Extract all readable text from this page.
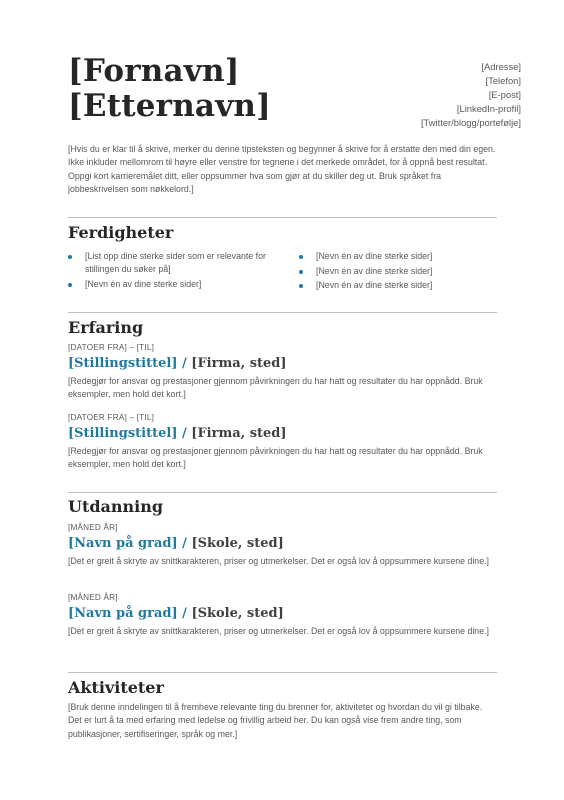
[Fornavn]
[Etternavn]
[Adresse]
[Telefon]
[E-post]
[LinkedIn-profil]
[Twitter/blogg/portefølje]
[Hvis du er klar til å skrive, merker du denne tipsteksten og begynner å skrive for å erstatte den med din egen. Ikke inkluder mellomrom til høyre eller venstre for tegnene i det merkede området, for å oppnå best resultat. Oppgi kort karrieremålet ditt, eller oppsummer hva som gjør at du skiller deg ut. Bruk språket fra jobbeskrivelsen som nøkkelord.]
Ferdigheter
[List opp dine sterke sider som er relevante for stillingen du søker på]
[Nevn én av dine sterke sider]
[Nevn én av dine sterke sider]
[Nevn én av dine sterke sider]
[Nevn én av dine sterke sider]
Erfaring
[DATOER FRA] – [TIL]
[Stillingstittel] / [Firma, sted]
[Redegjør for ansvar og prestasjoner gjennom påvirkningen du har hatt og resultater du har oppnådd. Bruk eksempler, men hold det kort.]
[DATOER FRA] – [TIL]
[Stillingstittel] / [Firma, sted]
[Redegjør for ansvar og prestasjoner gjennom påvirkningen du har hatt og resultater du har oppnådd. Bruk eksempler, men hold det kort.]
Utdanning
[MÅNED ÅR]
[Navn på grad] / [Skole, sted]
[Det er greit å skryte av snittkarakteren, priser og utmerkelser. Det er også lov å oppsummere kursene dine.]
[MÅNED ÅR]
[Navn på grad] / [Skole, sted]
[Det er greit å skryte av snittkarakteren, priser og utmerkelser. Det er også lov å oppsummere kursene dine.]
Aktiviteter
[Bruk denne inndelingen til å fremheve relevante ting du brenner for, aktiviteter og hvordan du vil gi tilbake. Det er lurt å ta med erfaring med ledelse og frivillig arbeid her. Du kan også vise frem andre ting, som publikasjoner, sertifiseringer, språk og mer.]
